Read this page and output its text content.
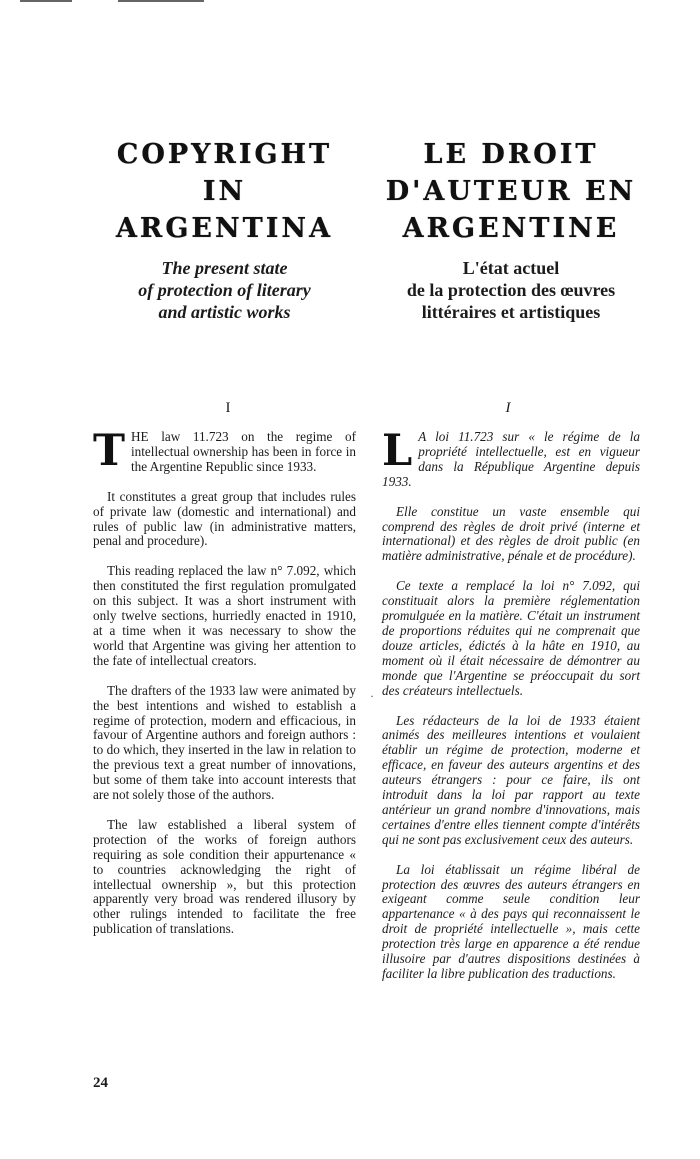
COPYRIGHT

IN

ARGENTINA

The present state

of protection of literary

and artistic works

I

THE law 11.723 on the regime of intellectual ownership has been in force in the Argentine Republic since 1933.

It constitutes a great group that includes rules of private law (domestic and international) and rules of public law (in administrative matters, penal and procedure).

This reading replaced the law n° 7.092, which then constituted the first regulation promulgated on this subject. It was a short instrument with only twelve sections, hurriedly enacted in 1910, at a time when it was necessary to show the world that Argentine was giving her attention to the fate of intellectual creators.

The drafters of the 1933 law were animated by the best intentions and wished to establish a regime of protection, modern and efficacious, in favour of Argentine authors and foreign authors : to do which, they inserted in the law in relation to the previous text a great number of innovations, but some of them take into account interests that are not solely those of the authors.

The law established a liberal system of protection of the works of foreign authors requiring as sole condition their appurtenance « to countries acknowledging the right of intellectual ownership », but this protection apparently very broad was rendered illusory by other rulings intended to facilitate the free publication of translations.

LE DROIT

D'AUTEUR EN

ARGENTINE

L'état actuel

de la protection des œuvres

littéraires et artistiques

I

L A loi 11.723 sur « le régime de la propriété intellectuelle, est en vigueur dans la République Argentine depuis 1933.

Elle constitue un vaste ensemble qui comprend des règles de droit privé (interne et international) et des règles de droit public (en matière administrative, pénale et de procédure).

Ce texte a remplacé la loi n° 7.092, qui constituait alors la première réglementation promulguée en la matière. C'était un instrument de proportions réduites qui ne comprenait que douze articles, édictés à la hâte en 1910, au moment où il était nécessaire de démontrer au monde que l'Argentine se préoccupait du sort des créateurs intellectuels.

Les rédacteurs de la loi de 1933 étaient animés des meilleures intentions et voulaient établir un régime de protection, moderne et efficace, en faveur des auteurs argentins et des auteurs étrangers : pour ce faire, ils ont introduit dans la loi par rapport au texte antérieur un grand nombre d'innovations, mais certaines d'entre elles tiennent compte d'intérêts qui ne sont pas exclusivement ceux des auteurs.

La loi établissait un régime libéral de protection des œuvres des auteurs étrangers en exigeant comme seule condition leur appartenance « à des pays qui reconnaissent le droit de propriété intellectuelle », mais cette protection très large en apparence a été rendue illusoire par d'autres dispositions destinées à faciliter la libre publication des traductions.

·
24
